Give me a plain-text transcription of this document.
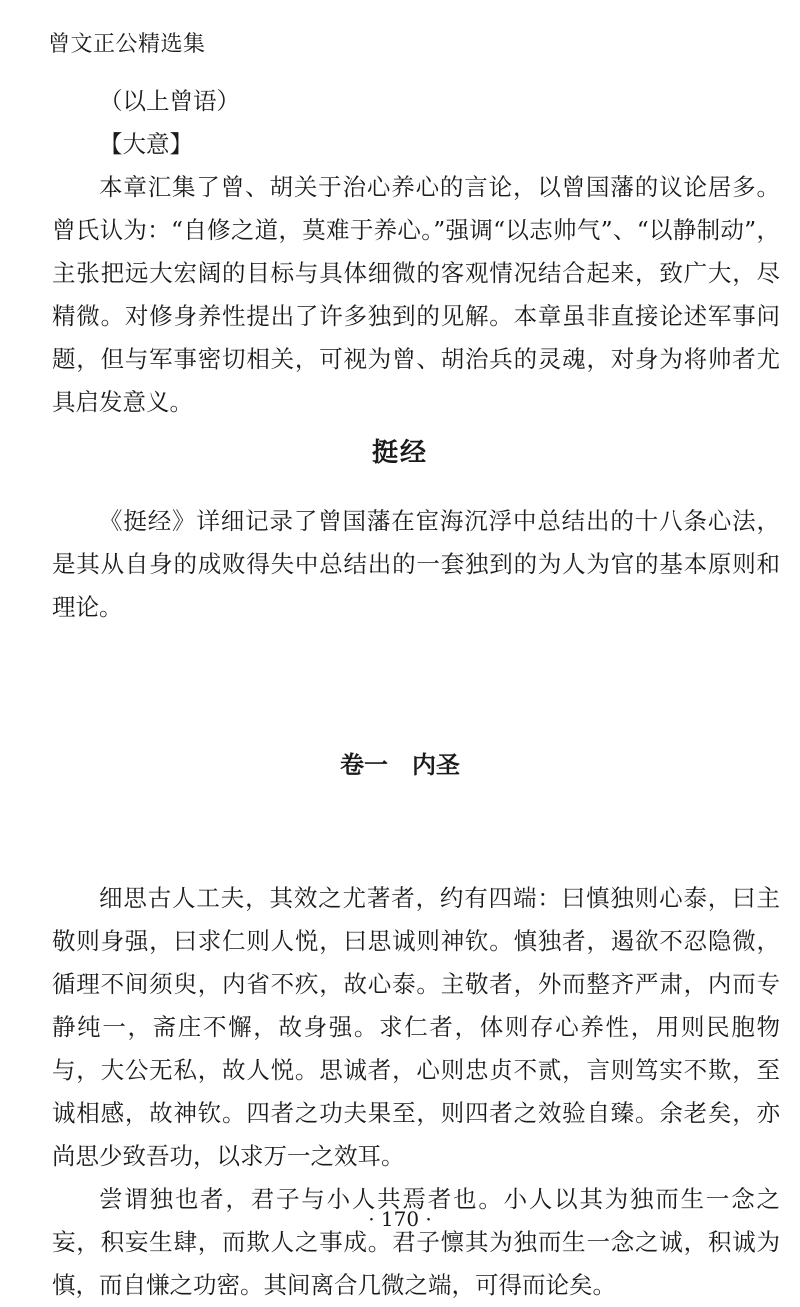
曾文正公精选集

（以上曾语）

【大意】

本章汇集了曾、胡关于治心养心的言论，以曾国藩的议论居多。曾氏认为：“自修之道，莫难于养心。”强调“以志帅气”、“以静制动”，主张把远大宏阔的目标与具体细微的客观情况结合起来，致广大，尽精微。对修身养性提出了许多独到的见解。本章虽非直接论述军事问题，但与军事密切相关，可视为曾、胡治兵的灵魂，对身为将帅者尤具启发意义。

挺经

《挺经》详细记录了曾国藩在宦海沉浮中总结出的十八条心法，是其从自身的成败得失中总结出的一套独到的为人为官的基本原则和理论。

卷一　内圣

细思古人工夫，其效之尤著者，约有四端：曰慎独则心泰，曰主敬则身强，曰求仁则人悦，曰思诚则神钦。慎独者，遏欲不忍隐微，循理不间须臾，内省不疚，故心泰。主敬者，外而整齐严肃，内而专静纯一，斋庄不懈，故身强。求仁者，体则存心养性，用则民胞物与，大公无私，故人悦。思诚者，心则忠贞不贰，言则笃实不欺，至诚相感，故神钦。四者之功夫果至，则四者之效验自臻。余老矣，亦尚思少致吾功，以求万一之效耳。

尝谓独也者，君子与小人共焉者也。小人以其为独而生一念之妄，积妄生肆，而欺人之事成。君子懔其为独而生一念之诚，积诚为慎，而自慊之功密。其间离合几微之端，可得而论矣。

· 170 ·
